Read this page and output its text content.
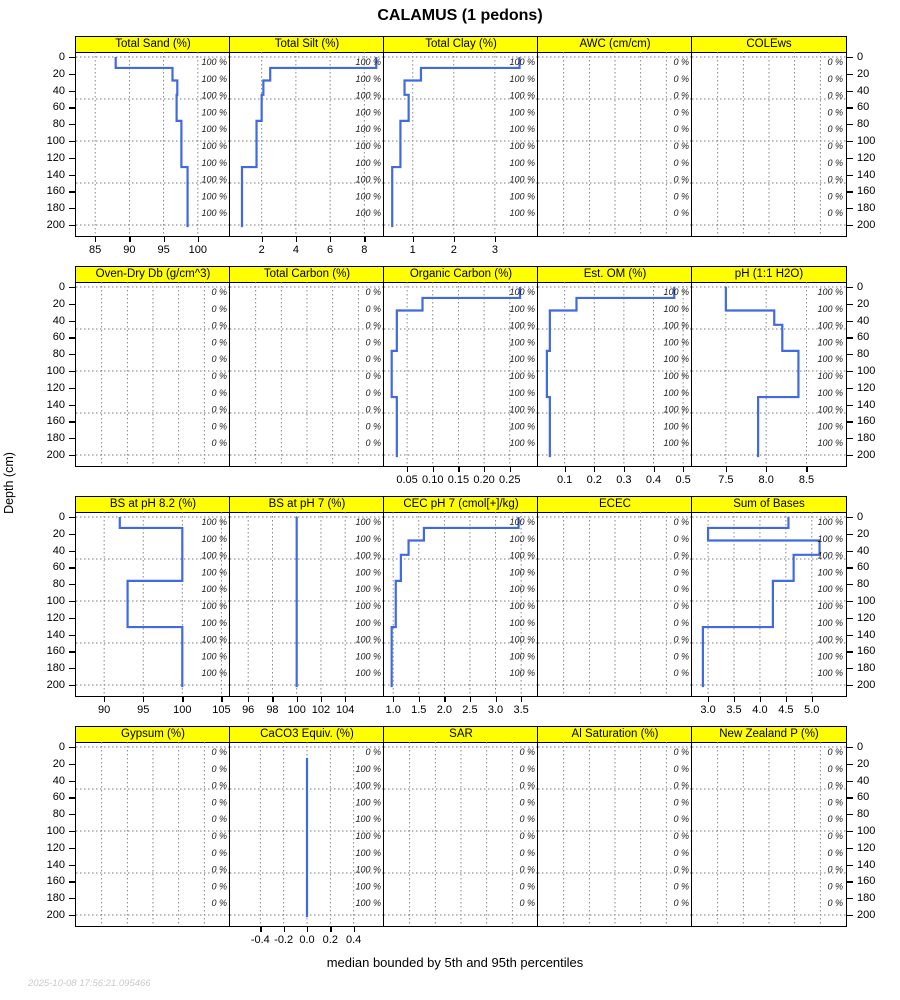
CALAMUS (1 pedons)
Depth (cm)
median bounded by 5th and 95th percentiles
2025-10-08 17:56:21.095466
Total Sand (%)
100 %
100 %
100 %
100 %
100 %
100 %
100 %
100 %
100 %
100 %
85 90 95 100
Total Silt (%)
100 %
100 %
100 %
100 %
100 %
100 %
100 %
100 %
100 %
100 %
2	4	6	8
Total Clay (%)
100 %
100 %
100 %
100 %
100 %
100 %
100 %
100 %
100 %
100 %
1	2	3
AWC (cm/cm)
0 %
0 %
0 %
0 %
0 %
0 %
0 %
0 %
0 %
0 %
COLEws
0 %
0 %
0 %
0 %
0 %
0 %
0 %
0 %
0 %
0 %
Oven-Dry Db (g/cm^3)
0 %
0 %
0 %
0 %
0 %
0 %
0 %
0 %
0 %
0 %
Total Carbon (%)
0 %
0 %
0 %
0 %
0 %
0 %
0 %
0 %
0 %
0 %
Organic Carbon (%)
100 %
100 %
100 %
100 %
100 %
100 %
100 %
100 %
100 %
100 %
0.05 0.10 0.15 0.20 0.25
Est. OM (%)
100 %
100 %
100 %
100 %
100 %
100 %
100 %
100 %
100 %
100 %
0.1 0.2 0.3 0.4 0.5
pH (1:1 H2O)
100 %
100 %
100 %
100 %
100 %
100 %
100 %
100 %
100 %
100 %
7.5 8.0 8.5
BS at pH 8.2 (%)
100 %
100 %
100 %
100 %
100 %
100 %
100 %
100 %
100 %
100 %
90 95 100 105
BS at pH 7 (%)
100 %
100 %
100 %
100 %
100 %
100 %
100 %
100 %
100 %
100 %
96 98 100 102 104
CEC pH 7 (cmol[+]/kg)
100 %
100 %
100 %
100 %
100 %
100 %
100 %
100 %
100 %
100 %
1.0 1.5 2.0 2.5 3.0 3.5
ECEC
0 %
0 %
0 %
0 %
0 %
0 %
0 %
0 %
0 %
0 %
Sum of Bases
100 %
100 %
100 %
100 %
100 %
100 %
100 %
100 %
100 %
100 %
3.0 3.5 4.0 4.5 5.0
Gypsum (%)
0 %
0 %
0 %
0 %
0 %
0 %
0 %
0 %
0 %
0 %
CaCO3 Equiv. (%)
0 %
100 %
100 %
100 %
100 %
100 %
100 %
100 %
100 %
100 %
-0.4 -0.2 0.0 0.2 0.4
SAR
0 %
0 %
0 %
0 %
0 %
0 %
0 %
0 %
0 %
0 %
Al Saturation (%)
0 %
0 %
0 %
0 %
0 %
0 %
0 %
0 %
0 %
0 %
New Zealand P (%)
0 %
0 %
0 %
0 %
0 %
0 %
0 %
0 %
0 %
0 %
0	0
20	20
40	40
60	60
80	80
100	100
120	120
140	140
160	160
180	180
200	200
0	0
20	20
40	40
60	60
80	80
100	100
120	120
140	140
160	160
180	180
200	200
0	0
20	20
40	40
60	60
80	80
100	100
120	120
140	140
160	160
180	180
200	200
0	0
20	20
40	40
60	60
80	80
100	100
120	120
140	140
160	160
180	180
200	200
